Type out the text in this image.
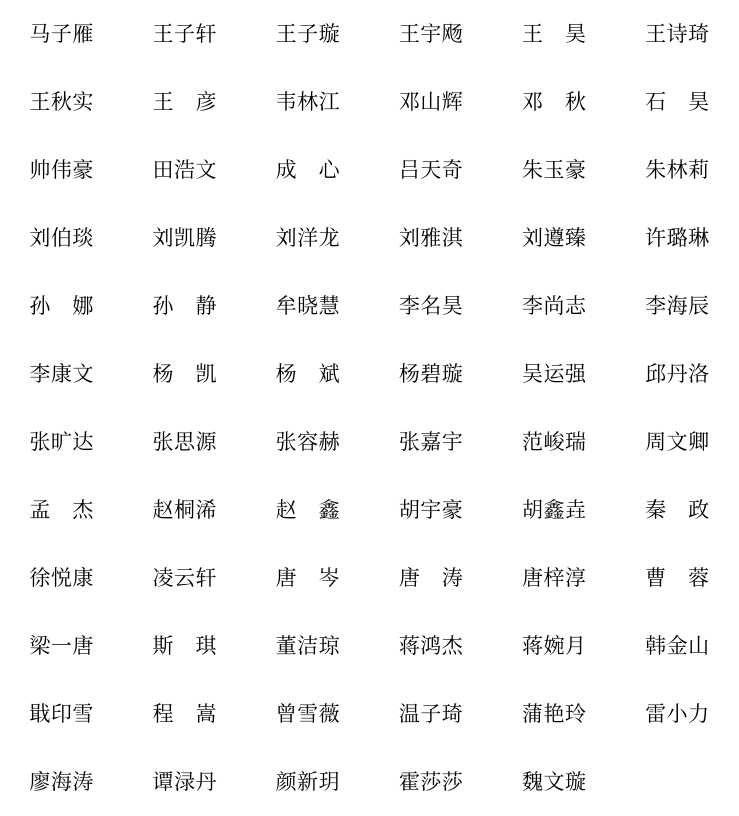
马子雁	王子轩	王子璇	王宇飏	王　昊	王诗琦
王秋实	王　彦	韦林江	邓山辉	邓　秋	石　昊
帅伟豪	田浩文	成　心	吕天奇	朱玉豪	朱林莉
刘伯琰	刘凯腾	刘洋龙	刘雅淇	刘遵臻	许璐琳
孙　娜	孙　静	牟晓慧	李名昊	李尚志	李海辰
李康文	杨　凯	杨　斌	杨碧璇	吴运强	邱丹洛
张旷达	张思源	张容赫	张嘉宇	范峻瑞	周文卿
孟　杰	赵桐浠	赵　鑫	胡宇豪	胡鑫垚	秦　政
徐悦康	凌云轩	唐　岑	唐　涛	唐梓淳	曹　蓉
梁一唐	斯　琪	董洁琼	蒋鸿杰	蒋婉月	韩金山
戢印雪	程　嵩	曾雪薇	温子琦	蒲艳玲	雷小力
廖海涛	谭渌丹	颜新玥	霍莎莎	魏文璇
